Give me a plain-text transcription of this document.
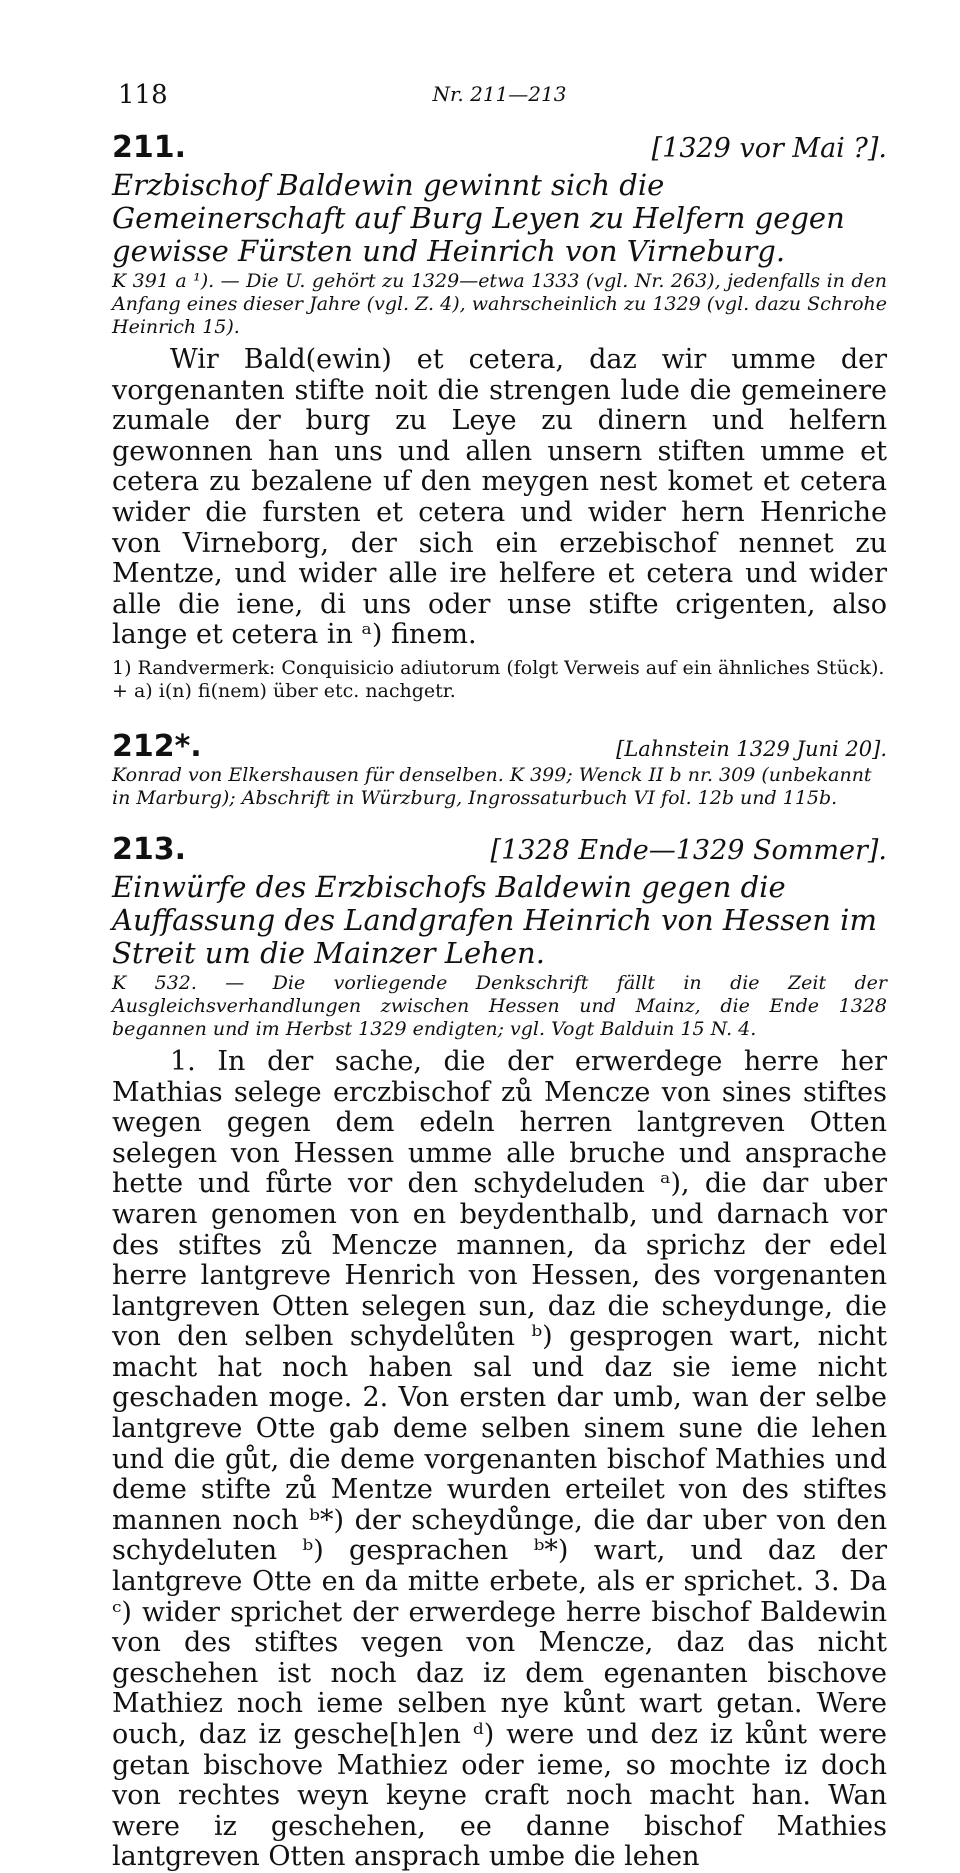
118	Nr. 211—213
211.	[1329 vor Mai ?].
Erzbischof Baldewin gewinnt sich die Gemeinerschaft auf Burg Leyen zu Helfern gegen gewisse Fürsten und Heinrich von Virneburg.
K 391 a ¹). — Die U. gehört zu 1329—etwa 1333 (vgl. Nr. 263), jedenfalls in den Anfang eines dieser Jahre (vgl. Z. 4), wahrscheinlich zu 1329 (vgl. dazu Schrohe Heinrich 15).

Wir Bald(ewin) et cetera, daz wir umme der vorgenanten stifte noit die strengen lude die gemeinere zumale der burg zu Leye zu dinern und helfern gewonnen han uns und allen unsern stiften umme et cetera zu bezalene uf den meygen nest komet et cetera wider die fursten et cetera und wider hern Henriche von Virneborg, der sich ein erzebischof nennet zu Mentze, und wider alle ire helfere et cetera und wider alle die iene, di uns oder unse stifte crigenten, also lange et cetera in ᵃ) finem.

1) Randvermerk: Conquisicio adiutorum (folgt Verweis auf ein ähnliches Stück). + a) i(n) fi(nem) über etc. nachgetr.

212*.	[Lahnstein 1329 Juni 20].
Konrad von Elkershausen für denselben. K 399; Wenck II b nr. 309 (unbekannt in Marburg); Abschrift in Würzburg, Ingrossaturbuch VI fol. 12b und 115b.
213.	[1328 Ende—1329 Sommer].
Einwürfe des Erzbischofs Baldewin gegen die Auffassung des Landgrafen Heinrich von Hessen im Streit um die Mainzer Lehen.
K 532. — Die vorliegende Denkschrift fällt in die Zeit der Ausgleichsverhandlungen zwischen Hessen und Mainz, die Ende 1328 begannen und im Herbst 1329 endigten; vgl. Vogt Balduin 15 N. 4.

1. In der sache, die der erwerdege herre her Mathias selege erczbischof zů Mencze von sines stiftes wegen gegen dem edeln herren lantgreven Otten selegen von Hessen umme alle bruche und ansprache hette und fůrte vor den schydeluden ᵃ), die dar uber waren genomen von en beydenthalb, und darnach vor des stiftes zů Mencze mannen, da sprichz der edel herre lantgreve Henrich von Hessen, des vorgenanten lantgreven Otten selegen sun, daz die scheydunge, die von den selben schydelůten ᵇ) gesprogen wart, nicht macht hat noch haben sal und daz sie ieme nicht geschaden moge. 2. Von ersten dar umb, wan der selbe lantgreve Otte gab deme selben sinem sune die lehen und die gůt, die deme vorgenanten bischof Mathies und deme stifte zů Mentze wurden erteilet von des stiftes mannen noch ᵇ*) der scheydůnge, die dar uber von den schydeluten ᵇ) gesprachen ᵇ*) wart, und daz der lantgreve Otte en da mitte erbete, als er sprichet. 3. Da ᶜ) wider sprichet der erwerdege herre bischof Baldewin von des stiftes vegen von Mencze, daz das nicht geschehen ist noch daz iz dem egenanten bischove Mathiez noch ieme selben nye kůnt wart getan. Were ouch, daz iz gesche[h]en ᵈ) were und dez iz kůnt were getan bischove Mathiez oder ieme, so mochte iz doch von rechtes weyn keyne craft noch macht han. Wan were iz geschehen, ee danne bischof Mathies lantgreven Otten ansprach umbe die lehen
